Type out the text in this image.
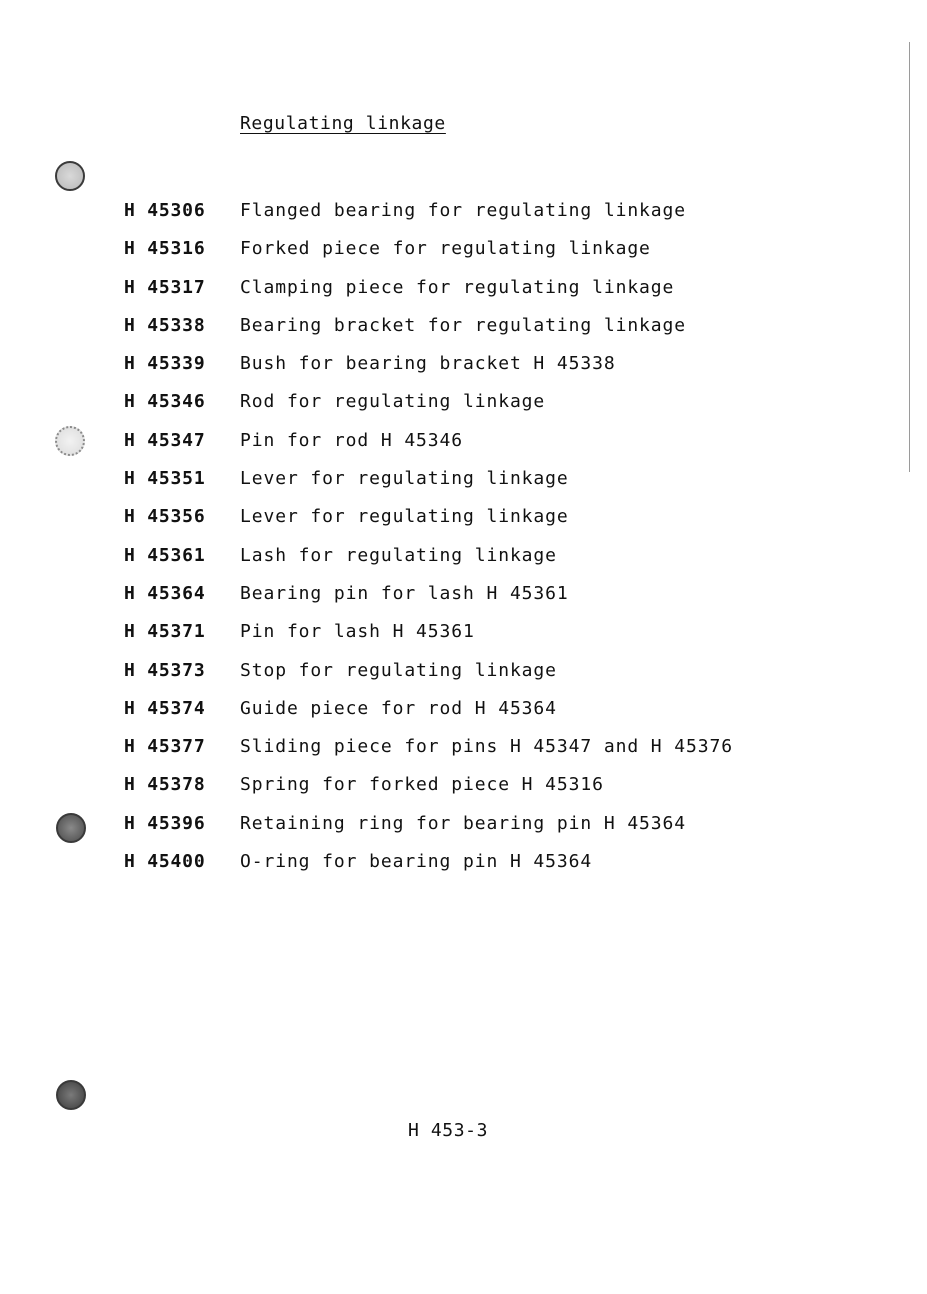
Regulating linkage
H 45306	Flanged bearing for regulating linkage
H 45316	Forked piece for regulating linkage
H 45317	Clamping piece for regulating linkage
H 45338	Bearing bracket for regulating linkage
H 45339	Bush for bearing bracket H 45338
H 45346	Rod for regulating linkage
H 45347	Pin for rod H 45346
H 45351	Lever for regulating linkage
H 45356	Lever for regulating linkage
H 45361	Lash for regulating linkage
H 45364	Bearing pin for lash H 45361
H 45371	Pin for lash H 45361
H 45373	Stop for regulating linkage
H 45374	Guide piece for rod H 45364
H 45377	Sliding piece for pins H 45347 and H 45376
H 45378	Spring for forked piece H 45316
H 45396	Retaining ring for bearing pin H 45364
H 45400	O-ring for bearing pin H 45364
H 453-3
